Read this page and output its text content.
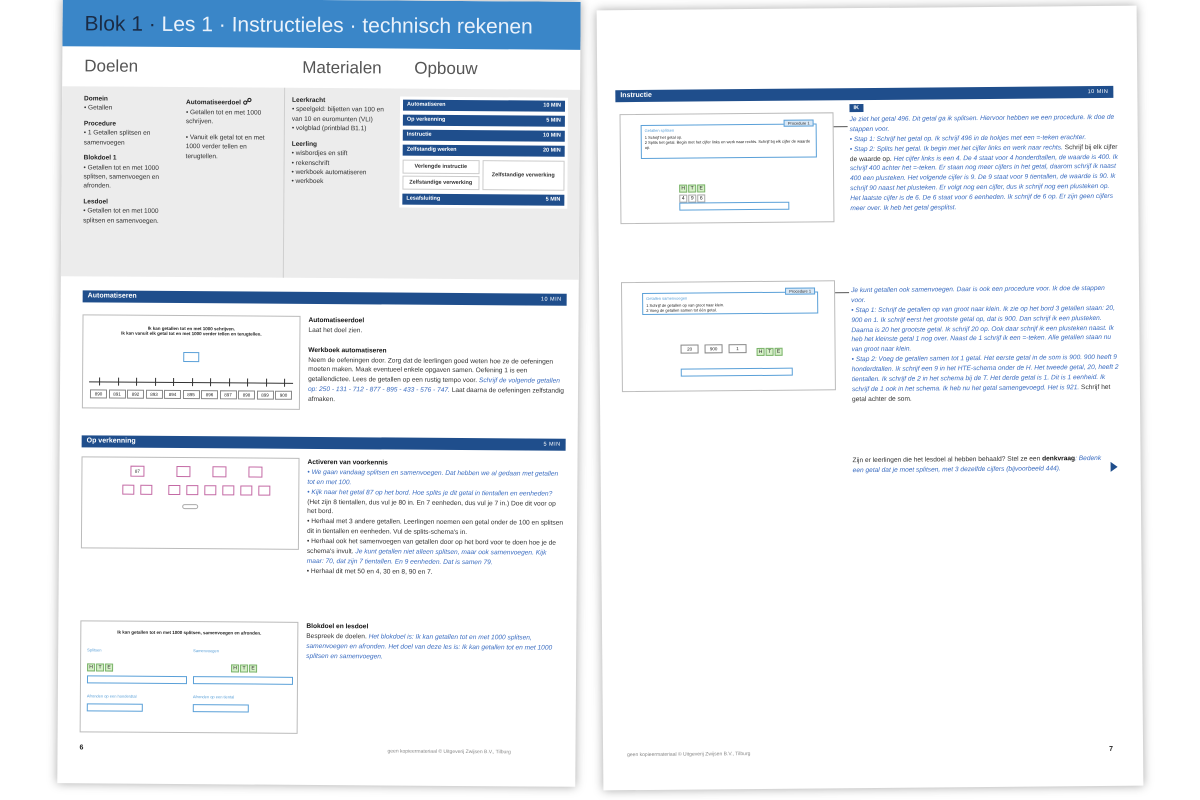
Blok 1 · Les 1 · Instructieles · technisch rekenen
Doelen	Materialen	Opbouw
Domein

• Getallen

Procedure

• 1 Getallen splitsen en samenvoegen

Blokdoel 1

• Getallen tot en met 1000 splitsen, samenvoegen en afronden.

Lesdoel

• Getallen tot en met 1000 splitsen en samenvoegen.

Automatiseerdoel ☍

• Getallen tot en met 1000 schrijven.

• Vanuit elk getal tot en met 1000 verder tellen en terugtellen.

Leerkracht

• speelgeld: biljetten van 100 en van 10 en euromunten (VLI)

• volgblad (printblad B1.1)

Leerling

• wisbordjes en stift

• rekenschrift

• werkboek automatiseren

• werkboek

Automatiseren	10 MIN
Op verkenning	5 MIN
Instructie	10 MIN
Zelfstandig werken	20 MIN
Verlengde instructie
Zelfstandige verwerking
Zelfstandige verwerking
Lesafsluiting	5 MIN
Automatiseren	10 MIN
Ik kan getallen tot en met 1000 schrijven.
Ik kan vanuit elk getal tot en met 1000 verder tellen en terugtellen.
890	891	892	893	894	895	896	897	898	899	900
Automatiseerdoel
Laat het doel zien.

Werkboek automatiseren
Neem de oefeningen door. Zorg dat de leerlingen goed weten hoe ze de oefeningen moeten maken. Maak eventueel enkele opgaven samen. Oefening 1 is een getallendictee. Lees de getallen op een rustig tempo voor. Schrijf de volgende getallen op: 250 - 131 - 712 - 877 - 895 - 433 - 576 - 747. Laat daarna de oefeningen zelfstandig afmaken.
Op verkenning	5 MIN
87
Activeren van voorkennis
• We gaan vandaag splitsen en samenvoegen. Dat hebben we al gedaan met getallen tot en met 100.
• Kijk naar het getal 87 op het bord. Hoe splits je dit getal in tientallen en eenheden? (Het zijn 8 tientallen, dus vul je 80 in. En 7 eenheden, dus vul je 7 in.) Doe dit voor op het bord.
• Herhaal met 3 andere getallen. Leerlingen noemen een getal onder de 100 en splitsen dit in tientallen en eenheden. Vul de splits-schema's in.
• Herhaal ook het samenvoegen van getallen door op het bord voor te doen hoe je de schema's invult. Je kunt getallen niet alleen splitsen, maar ook samenvoegen. Kijk maar: 70, dat zijn 7 tientallen. En 9 eenheden. Dat is samen 79.
• Herhaal dit met 50 en 4, 30 en 8, 90 en 7.
Ik kan getallen tot en met 1000 splitsen, samenvoegen en afronden.
Splitsen	Samenvoegen
H T E	H T E
Afronden op een honderdtal	Afronden op een tiental
Blokdoel en lesdoel
Bespreek de doelen. Het blokdoel is: Ik kan getallen tot en met 1000 splitsen, samenvoegen en afronden. Het doel van deze les is: Ik kan getallen tot en met 1000 splitsen en samenvoegen.
6
geen kopieermateriaal © Uitgeverij Zwijsen B.V., Tilburg
Instructie	10 MIN
Getallen splitsen
Procedure 1
1 Schrijf het getal op.
2 Splits het getal. Begin met het cijfer links en werk naar rechts. Schrijf bij elk cijfer de waarde op.
H T E
4 9 6
IK
Je ziet het getal 496. Dit getal ga ik splitsen. Hiervoor hebben we een procedure. Ik doe de stappen voor.
• Stap 1: Schrijf het getal op. Ik schrijf 496 in de hokjes met een =-teken erachter.
• Stap 2: Splits het getal. Ik begin met het cijfer links en werk naar rechts. Schrijf bij elk cijfer de waarde op. Het cijfer links is een 4. De 4 staat voor 4 honderdtallen, de waarde is 400. Ik schrijf 400 achter het =-teken. Er staan nog meer cijfers in het getal, daarom schrijf ik naast 400 een plusteken. Het volgende cijfer is 9. De 9 staat voor 9 tientallen, de waarde is 90. Ik schrijf 90 naast het plusteken. Er volgt nog een cijfer, dus ik schrijf nog een plusteken op. Het laatste cijfer is de 6. De 6 staat voor 6 eenheden. Ik schrijf de 6 op. Er zijn geen cijfers meer over. Ik heb het getal gesplitst.
Getallen samenvoegen
Procedure 1
1 Schrijf de getallen op van groot naar klein.
2 Voeg de getallen samen tot één getal.
20	900	1
H T E
Je kunt getallen ook samenvoegen. Daar is ook een procedure voor. Ik doe de stappen voor.
• Stap 1: Schrijf de getallen op van groot naar klein. Ik zie op het bord 3 getallen staan: 20, 900 en 1. Ik schrijf eerst het grootste getal op, dat is 900. Dan schrijf ik een plusteken. Daarna is 20 het grootste getal. Ik schrijf 20 op. Ook daar schrijf ik een plusteken naast. Ik heb het kleinste getal 1 nog over. Naast de 1 schrijf ik een =-teken. Alle getallen staan nu van groot naar klein.
• Stap 2: Voeg de getallen samen tot 1 getal. Het eerste getal in de som is 900. 900 heeft 9 honderdtallen. Ik schrijf een 9 in het HTE-schema onder de H. Het tweede getal, 20, heeft 2 tientallen. Ik schrijf de 2 in het schema bij de T. Het derde getal is 1. Dit is 1 eenheid. Ik schrijf de 1 ook in het schema. Ik heb nu het getal samengevoegd. Het is 921. Schrijf het getal achter de som.
Zijn er leerlingen die het lesdoel al hebben behaald? Stel ze een denkvraag: Bedenk een getal dat je moet splitsen, met 3 dezelfde cijfers (bijvoorbeeld 444).
geen kopieermateriaal © Uitgeverij Zwijsen B.V., Tilburg
7
